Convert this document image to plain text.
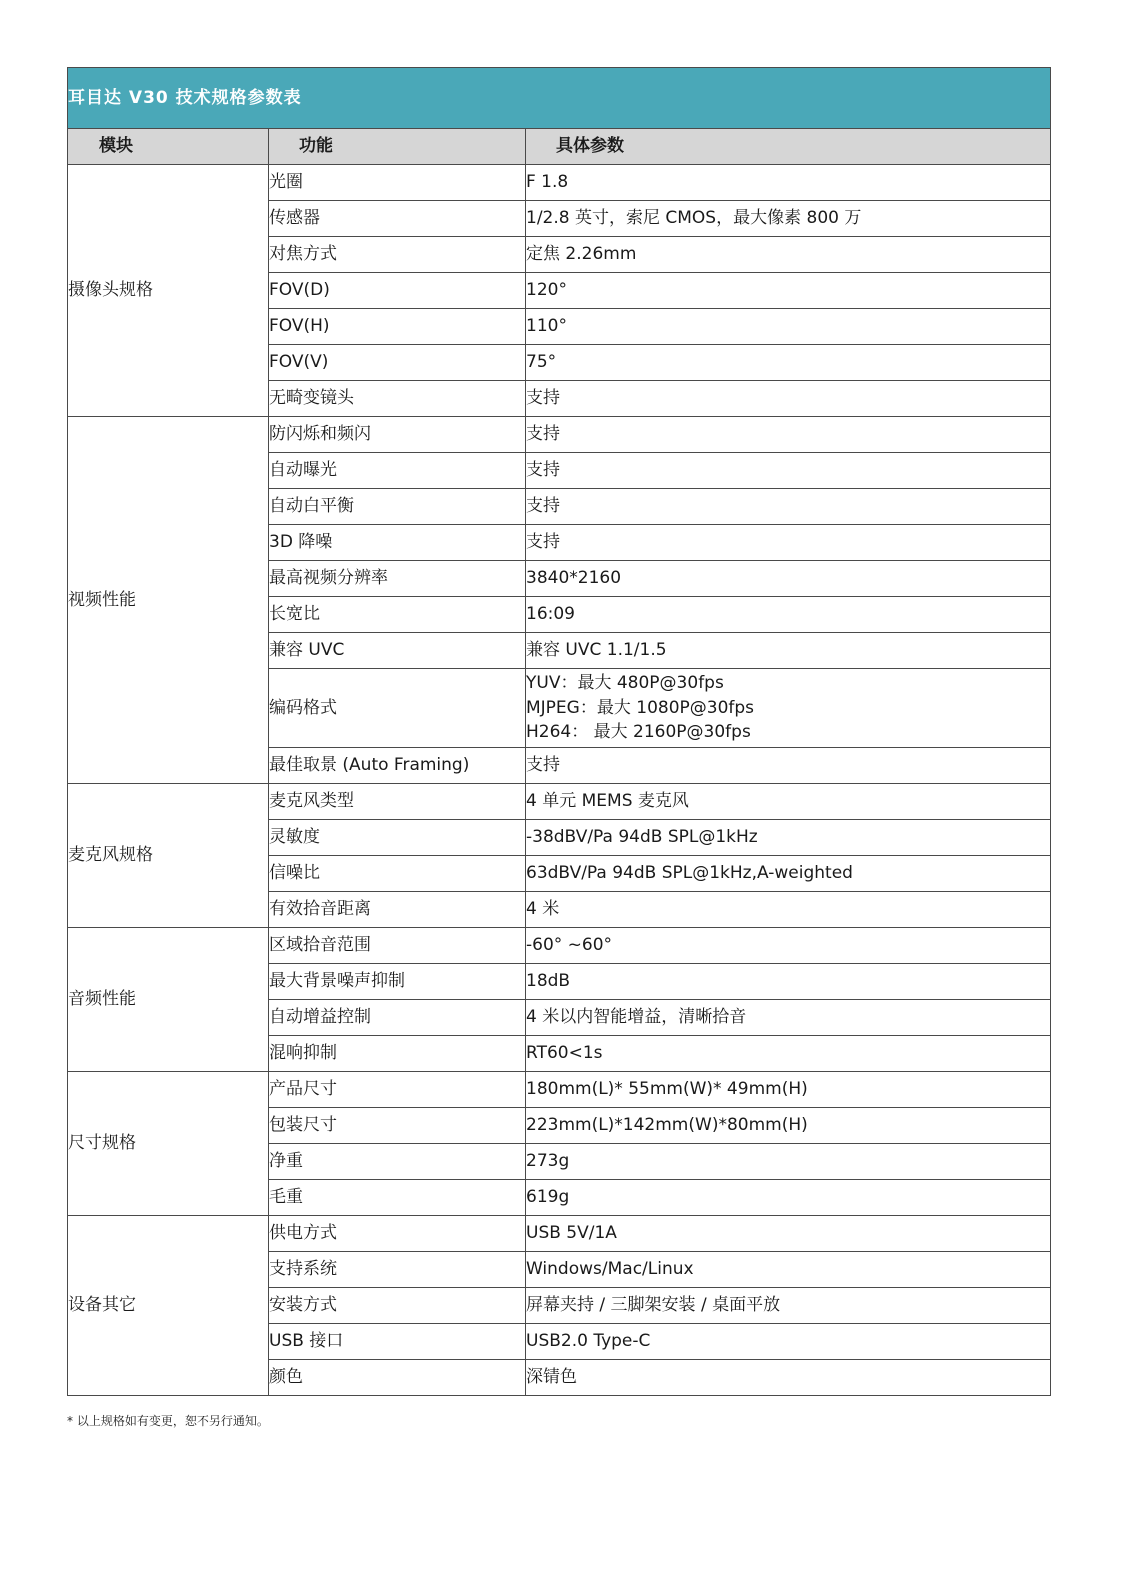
耳目达 V30 技术规格参数表		
模块	功能	具体参数
摄像头规格	光圈	F 1.8

	传感器	1/2.8 英寸，索尼 CMOS，最大像素 800 万

	对焦方式	定焦 2.26mm

	FOV(D)	120°

	FOV(H)	110°

	FOV(V)	75°

	无畸变镜头	支持

视频性能	防闪烁和频闪	支持

	自动曝光	支持

	自动白平衡	支持

	3D 降噪	支持

	最高视频分辨率	3840*2160

	长宽比	16:09

	兼容 UVC	兼容 UVC 1.1/1.5

	编码格式	YUV：最大 480P@30fps
MJPEG：最大 1080P@30fps
H264： 最大 2160P@30fps

	最佳取景 (Auto Framing)	支持

麦克风规格	麦克风类型	4 单元 MEMS 麦克风

	灵敏度	-38dBV/Pa 94dB SPL@1kHz

	信噪比	63dBV/Pa 94dB SPL@1kHz,A-weighted

	有效拾音距离	4 米

音频性能	区域拾音范围	-60° ~60°

	最大背景噪声抑制	18dB

	自动增益控制	4 米以内智能增益，清晰拾音

	混响抑制	RT60<1s

尺寸规格	产品尺寸	180mm(L)* 55mm(W)* 49mm(H)

	包装尺寸	223mm(L)*142mm(W)*80mm(H)

	净重	273g

	毛重	619g

设备其它	供电方式	USB 5V/1A

	支持系统	Windows/Mac/Linux

	安装方式	屏幕夹持 / 三脚架安装 / 桌面平放

	USB 接口	USB2.0 Type-C

	颜色	深锖色
* 以上规格如有变更，恕不另行通知。
